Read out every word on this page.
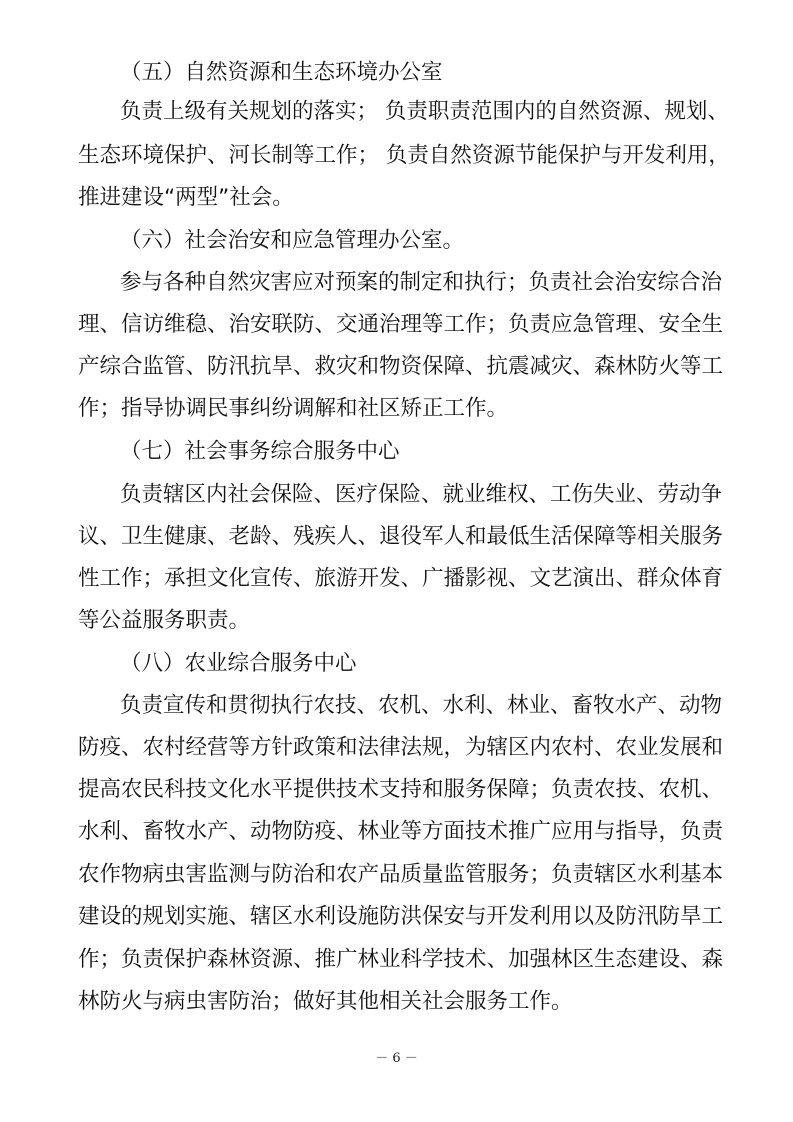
（五）自然资源和生态环境办公室
负责上级有关规划的落实； 负责职责范围内的自然资源、规划、
生态环境保护、河长制等工作； 负责自然资源节能保护与开发利用，
推进建设“两型”社会。
（六）社会治安和应急管理办公室。
参与各种自然灾害应对预案的制定和执行；负责社会治安综合治
理、信访维稳、治安联防、交通治理等工作；负责应急管理、安全生
产综合监管、防汛抗旱、救灾和物资保障、抗震减灾、森林防火等工
作；指导协调民事纠纷调解和社区矫正工作。
（七）社会事务综合服务中心
负责辖区内社会保险、医疗保险、就业维权、工伤失业、劳动争
议、卫生健康、老龄、残疾人、退役军人和最低生活保障等相关服务
性工作；承担文化宣传、旅游开发、广播影视、文艺演出、群众体育
等公益服务职责。
（八）农业综合服务中心
负责宣传和贯彻执行农技、农机、水利、林业、畜牧水产、动物
防疫、农村经营等方针政策和法律法规，为辖区内农村、农业发展和
提高农民科技文化水平提供技术支持和服务保障；负责农技、农机、
水利、畜牧水产、动物防疫、林业等方面技术推广应用与指导，负责
农作物病虫害监测与防治和农产品质量监管服务；负责辖区水利基本
建设的规划实施、辖区水利设施防洪保安与开发利用以及防汛防旱工
作；负责保护森林资源、推广林业科学技术、加强林区生态建设、森
林防火与病虫害防治；做好其他相关社会服务工作。
－ 6 －
